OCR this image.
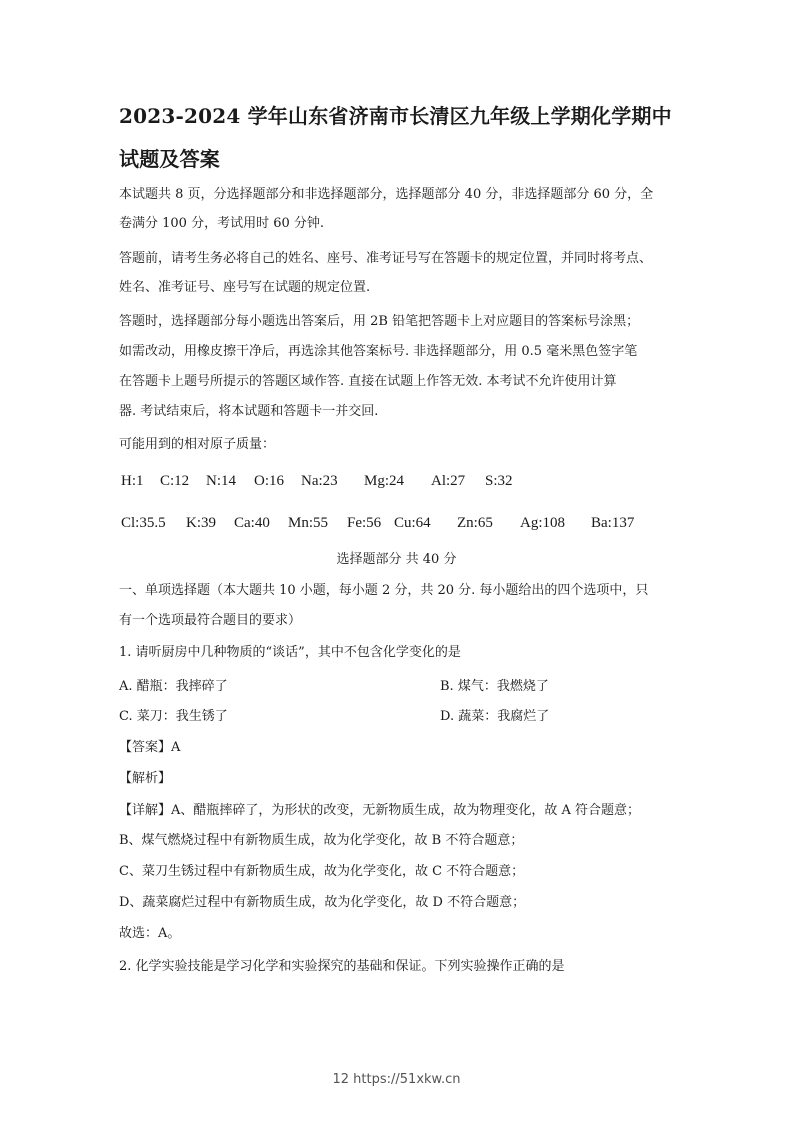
2023-2024 学年山东省济南市长清区九年级上学期化学期中
试题及答案
本试题共 8 页，分选择题部分和非选择题部分，选择题部分 40 分，非选择题部分 60 分，全
卷满分 100 分，考试用时 60 分钟.
答题前，请考生务必将自己的姓名、座号、准考证号写在答题卡的规定位置，并同时将考点、
姓名、准考证号、座号写在试题的规定位置.
答题时，选择题部分每小题选出答案后，用 2B 铅笔把答题卡上对应题目的答案标号涂黑；
如需改动，用橡皮擦干净后，再选涂其他答案标号. 非选择题部分，用 0.5 毫米黑色签字笔
在答题卡上题号所提示的答题区域作答. 直接在试题上作答无效. 本考试不允许使用计算
器. 考试结束后，将本试题和答题卡一并交回.
可能用到的相对原子质量：
H:1 C:12 N:14 O:16 Na:23 Mg:24 Al:27 S:32
Cl:35.5 K:39 Ca:40 Mn:55 Fe:56 Cu:64 Zn:65 Ag:108 Ba:137
选择题部分 共 40 分
一、单项选择题（本大题共 10 小题，每小题 2 分，共 20 分. 每小题给出的四个选项中，只
有一个选项最符合题目的要求）
1. 请听厨房中几种物质的“谈话”，其中不包含化学变化的是
A. 醋瓶：我摔碎了	B. 煤气：我燃烧了
C. 菜刀：我生锈了	D. 蔬菜：我腐烂了
【答案】A
【解析】
【详解】A、醋瓶摔碎了，为形状的改变，无新物质生成，故为物理变化，故 A 符合题意；
B、煤气燃烧过程中有新物质生成，故为化学变化，故 B 不符合题意；
C、菜刀生锈过程中有新物质生成，故为化学变化，故 C 不符合题意；
D、蔬菜腐烂过程中有新物质生成，故为化学变化，故 D 不符合题意；
故选：A。
2. 化学实验技能是学习化学和实验探究的基础和保证。下列实验操作正确的是
12 https://51xkw.cn
